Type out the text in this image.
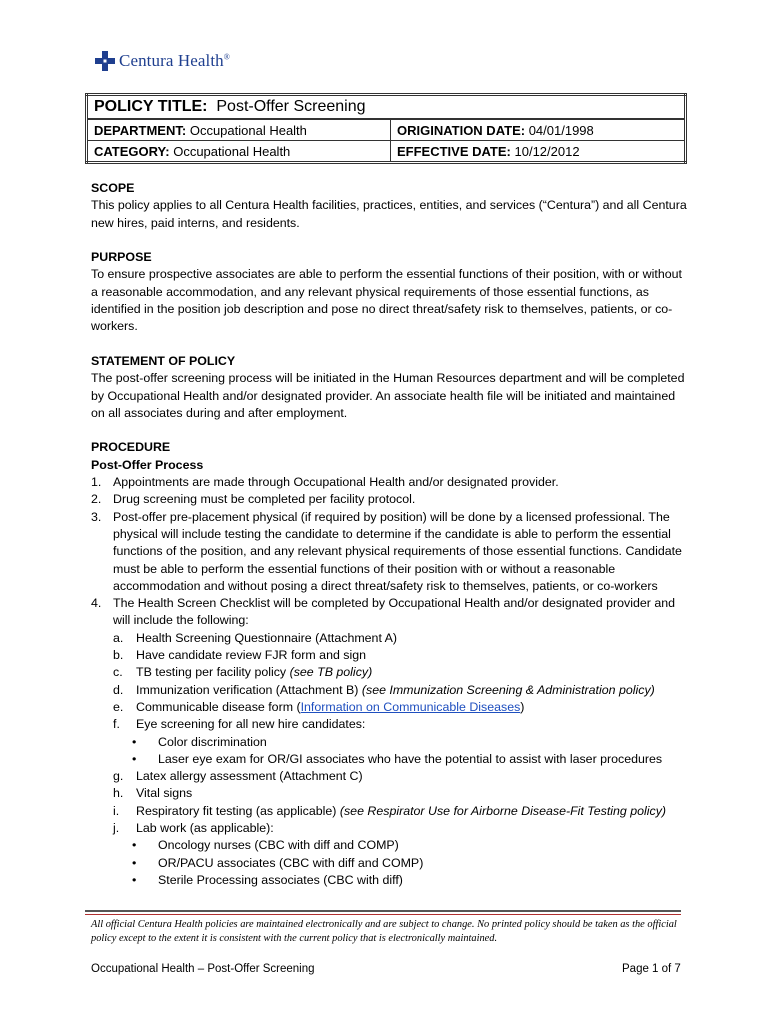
Centura Health®
POLICY TITLE: Post-Offer Screening	
DEPARTMENT: Occupational Health	ORIGINATION DATE: 04/01/1998
CATEGORY: Occupational Health	EFFECTIVE DATE: 10/12/2012
SCOPE

This policy applies to all Centura Health facilities, practices, entities, and services (“Centura”) and all Centura new hires, paid interns, and residents.

PURPOSE

To ensure prospective associates are able to perform the essential functions of their position, with or without a reasonable accommodation, and any relevant physical requirements of those essential functions, as identified in the position job description and pose no direct threat/safety risk to themselves, patients, or co-workers.

STATEMENT OF POLICY

The post-offer screening process will be initiated in the Human Resources department and will be completed by Occupational Health and/or designated provider. An associate health file will be initiated and maintained on all associates during and after employment.

PROCEDURE
Post-Offer Process
1. Appointments are made through Occupational Health and/or designated provider.
2. Drug screening must be completed per facility protocol.
3. Post-offer pre-placement physical (if required by position) will be done by a licensed professional. The physical will include testing the candidate to determine if the candidate is able to perform the essential functions of the position, and any relevant physical requirements of those essential functions. Candidate must be able to perform the essential functions of their position with or without a reasonable accommodation and without posing a direct threat/safety risk to themselves, patients, or co-workers
4. The Health Screen Checklist will be completed by Occupational Health and/or designated provider and will include the following:
a. Health Screening Questionnaire (Attachment A)
b. Have candidate review FJR form and sign
c. TB testing per facility policy (see TB policy)
d. Immunization verification (Attachment B) (see Immunization Screening & Administration policy)
e. Communicable disease form (Information on Communicable Diseases)
f. Eye screening for all new hire candidates:
• Color discrimination
• Laser eye exam for OR/GI associates who have the potential to assist with laser procedures
g. Latex allergy assessment (Attachment C)
h. Vital signs
i. Respiratory fit testing (as applicable) (see Respirator Use for Airborne Disease-Fit Testing policy)
j. Lab work (as applicable):
• Oncology nurses (CBC with diff and COMP)
• OR/PACU associates (CBC with diff and COMP)
• Sterile Processing associates (CBC with diff)
All official Centura Health policies are maintained electronically and are subject to change. No printed policy should be taken as the official policy except to the extent it is consistent with the current policy that is electronically maintained.
Occupational Health – Post-Offer Screening	Page 1 of 7
